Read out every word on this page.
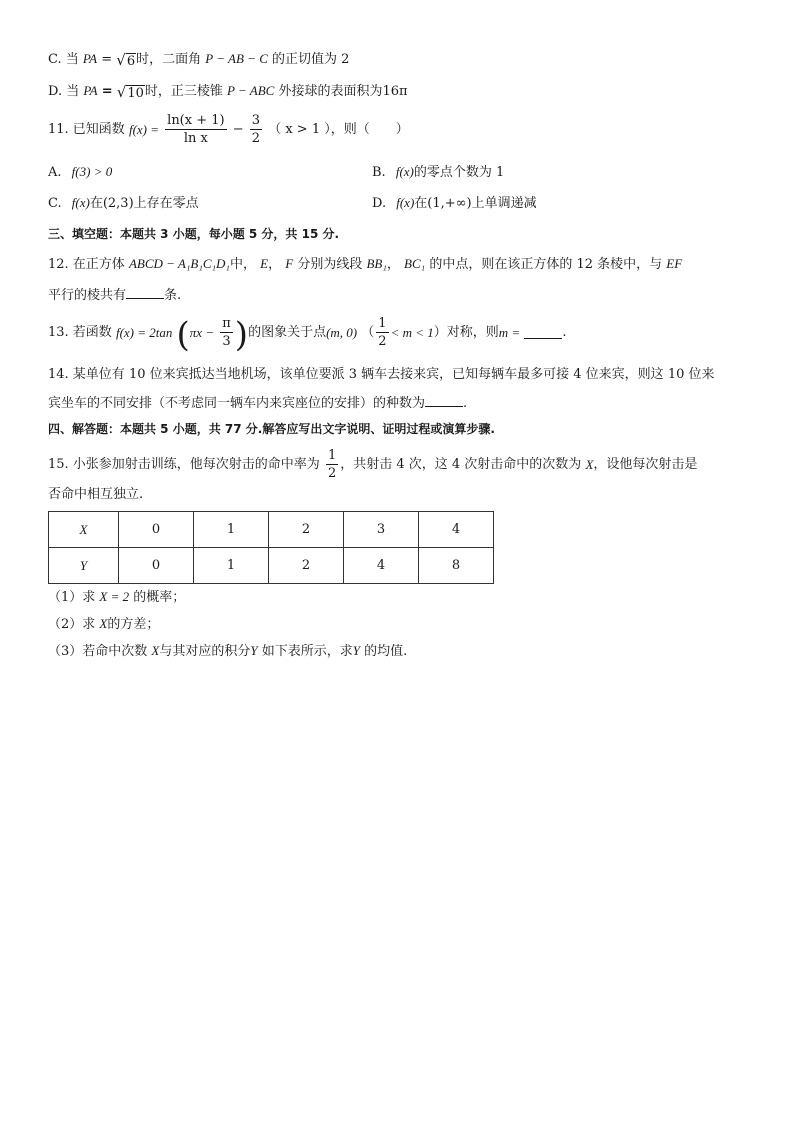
C. 当 PA = √ 6 时，二面角 P − AB − C 的正切值为 2
D. 当 PA = √ 10 时，正三棱锥 P − ABC 外接球的表面积为16π
11. 已知函数 $f(x) = \frac{\ln(x + 1)}{\text{ln x}} - \frac{3}{2}$ （ x > 1 ），则（　　）
A. f(3) > 0	B. f(x)的零点个数为 1
C. f(x)在(2,3)上存在零点	D. f(x)在(1,+∞)上单调递减
三、填空题：本题共 3 小题，每小题 5 分，共 15 分.
12. 在正方体 ABCD − A₁B₁C₁D₁中， E， F 分别为线段 BB₁， BC₁ 的中点，则在该正方体的 12 条棱中，与 EF
平行的棱共有	条.
13. 若函数 f(x) = 2tan ($\pi x - \frac{\pi}{3}$ )的图象关于点(m, 0) （ $\frac{1}{2} < m < 1$）对称，则m =	.
14. 某单位有 10 位来宾抵达当地机场，该单位要派 3 辆车去接来宾，已知每辆车最多可接 4 位来宾，则这 10 位来
宾坐车的不同安排（不考虑同一辆车内来宾座位的安排）的种数为	.
四、解答题：本题共 5 小题，共 77 分.解答应写出文字说明、证明过程或演算步骤.
15. 小张参加射击训练，他每次射击的命中率为 $\frac{1}{2}$ ，共射击 4 次，这 4 次射击命中的次数为 X，设他每次射击是
否命中相互独立.
X	0	1	2	3	4
Y	0	1	2	4	8
（1）求 X = 2 的概率；
（2）求 X的方差；
（3）若命中次数 X与其对应的积分Y 如下表所示，求Y 的均值.
